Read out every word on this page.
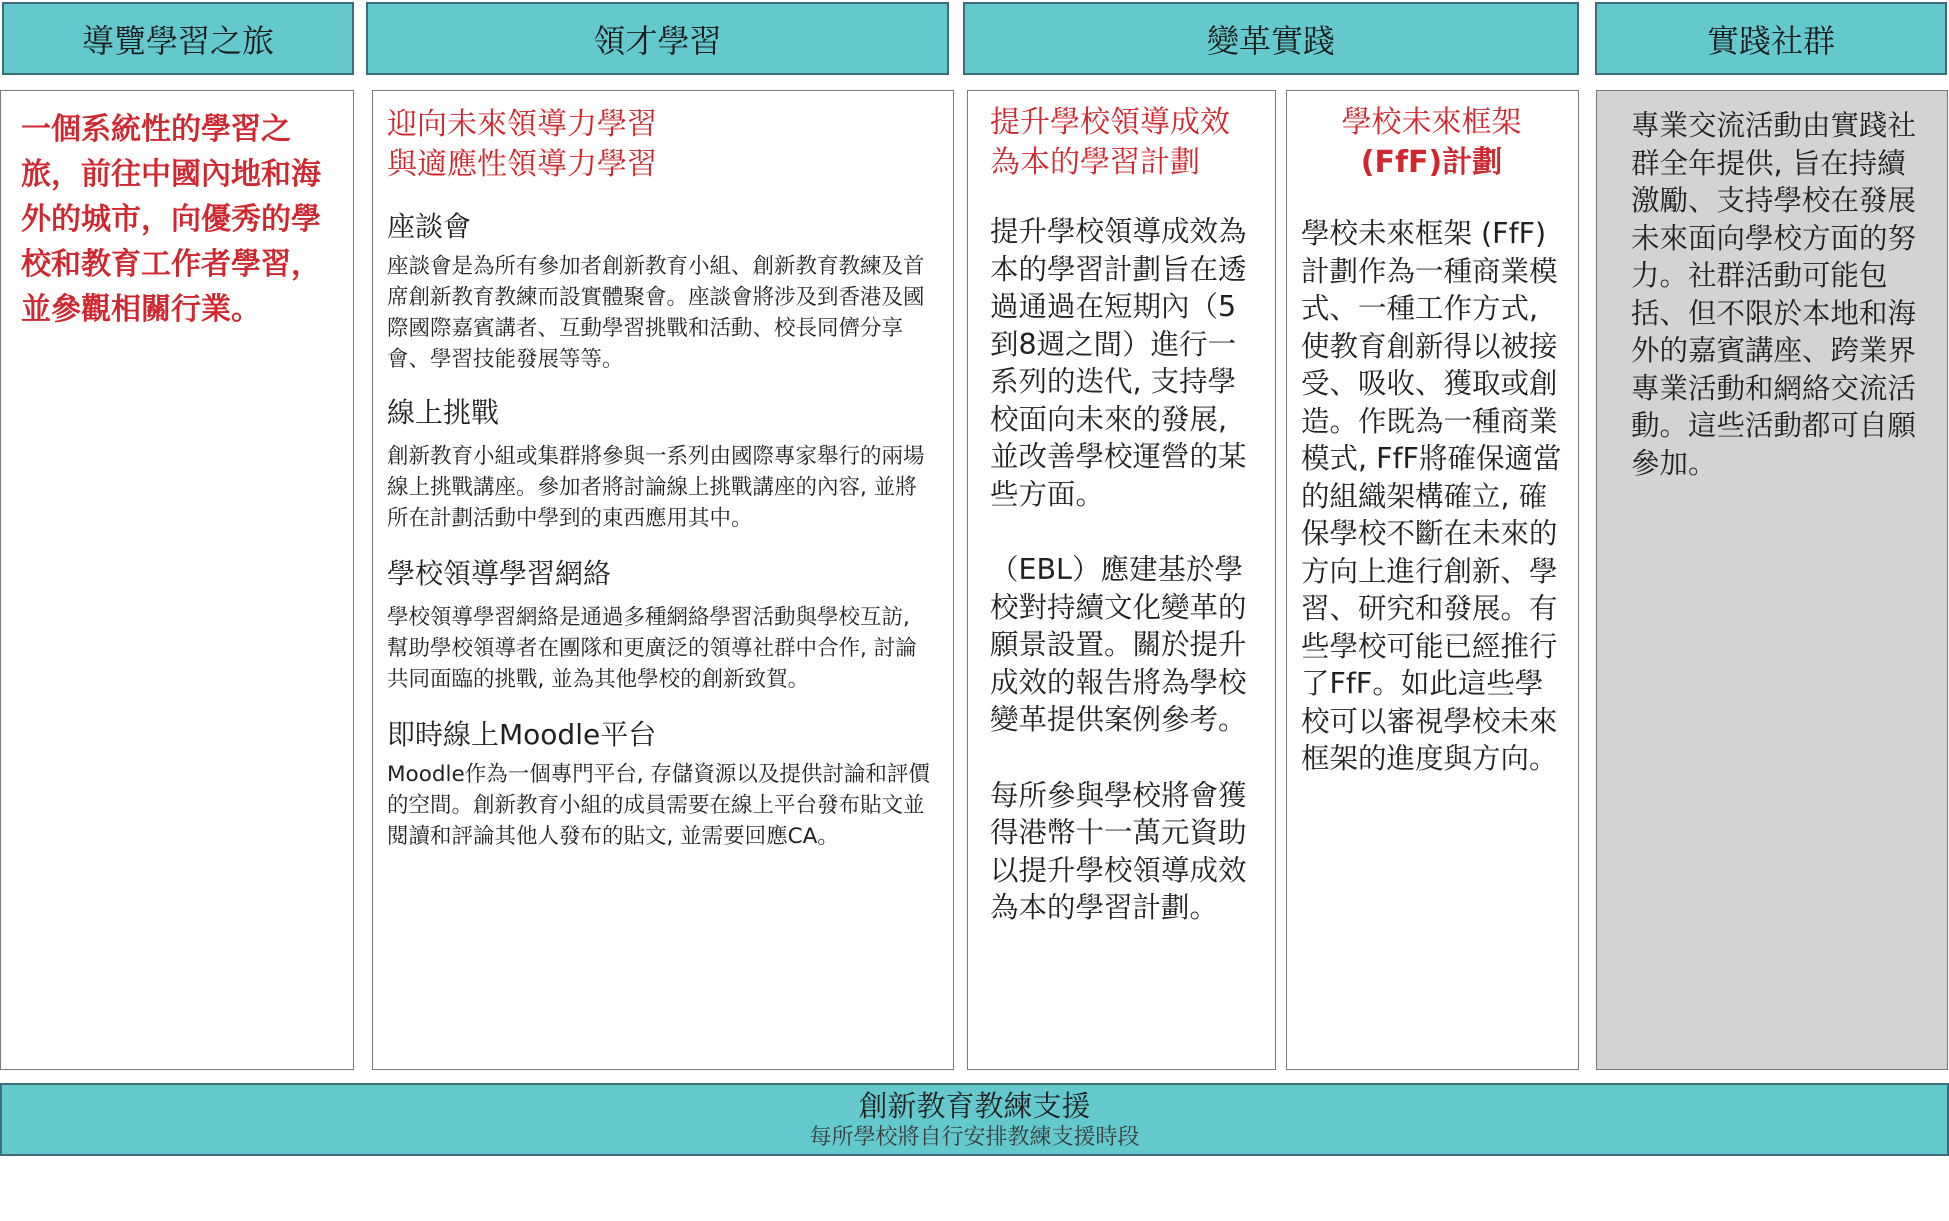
導覽學習之旅	領才學習	變革實踐	實踐社群
一個系統性的學習之旅，前往中國內地和海外的城市，向優秀的學校和教育工作者學習，並參觀相關行業。
迎向未來領導力學習
與適應性領導力學習
座談會
座談會是為所有參加者創新教育小組、創新教育教練及首席創新教育教練而設實體聚會。座談會將涉及到香港及國際國際嘉賓講者、互動學習挑戰和活動、校長同儕分享會、學習技能發展等等。
線上挑戰
創新教育小組或集群將參與一系列由國際專家舉行的兩場線上挑戰講座。參加者將討論線上挑戰講座的內容, 並將所在計劃活動中學到的東西應用其中。
學校領導學習網絡
學校領導學習網絡是通過多種網絡學習活動與學校互訪, 幫助學校領導者在團隊和更廣泛的領導社群中合作, 討論共同面臨的挑戰, 並為其他學校的創新致賀。
即時線上Moodle平台
Moodle作為一個專門平台, 存儲資源以及提供討論和評價的空間。創新教育小組的成員需要在線上平台發布貼文並閱讀和評論其他人發布的貼文, 並需要回應CA。
提升學校領導成效
為本的學習計劃
提升學校領導成效為本的學習計劃旨在透過通過在短期內（5到8週之間）進行一系列的迭代, 支持學校面向未來的發展, 並改善學校運營的某些方面。
（EBL）應建基於學校對持續文化變革的願景設置。關於提升成效的報告將為學校變革提供案例參考。
每所參與學校將會獲得港幣十一萬元資助以提升學校領導成效為本的學習計劃。
學校未來框架
(FfF)計劃
學校未來框架 (FfF)計劃作為一種商業模式、一種工作方式, 使教育創新得以被接受、吸收、獲取或創造。作既為一種商業模式, FfF將確保適當的組織架構確立, 確保學校不斷在未來的方向上進行創新、學習、研究和發展。有些學校可能已經推行了FfF。如此這些學校可以審視學校未來框架的進度與方向。
專業交流活動由實踐社群全年提供, 旨在持續激勵、支持學校在發展未來面向學校方面的努力。社群活動可能包括、但不限於本地和海外的嘉賓講座、跨業界專業活動和網絡交流活動。這些活動都可自願參加。
創新教育教練支援
每所學校將自行安排教練支援時段
